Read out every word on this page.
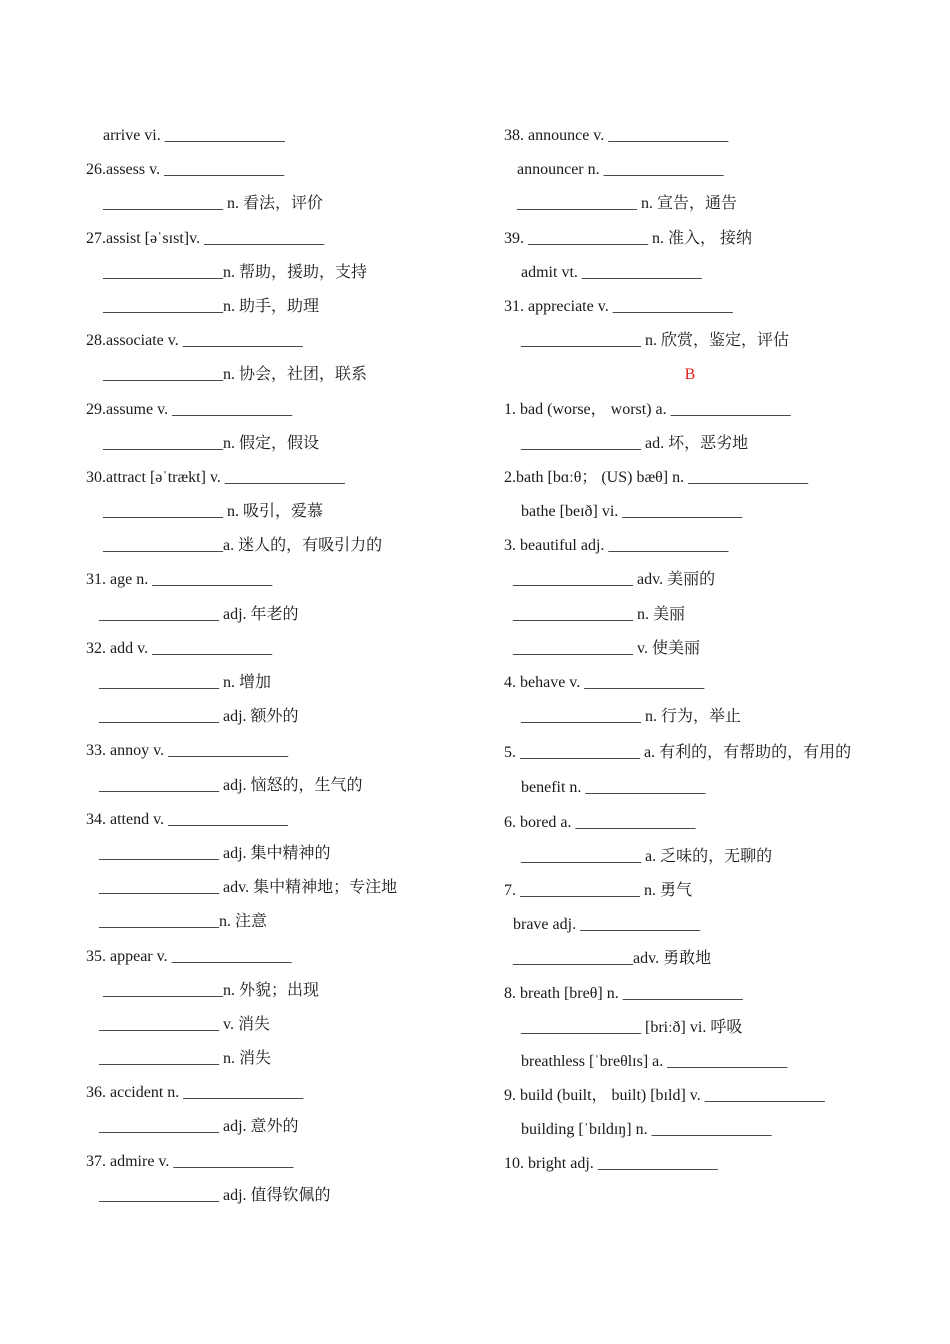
arrive vi. _______________
26.assess v. _______________
_______________ n. 看法，评价
27.assist [əˈsɪst]v. _______________
_______________n. 帮助，援助，支持
_______________n. 助手，助理
28.associate v. _______________
_______________n. 协会，社团，联系
29.assume v. _______________
_______________n. 假定，假设
30.attract [əˈtrækt] v. _______________
_______________ n. 吸引，爱慕
_______________a. 迷人的，有吸引力的
31. age n. _______________
_______________ adj. 年老的
32. add v. _______________
_______________ n. 增加
_______________ adj. 额外的
33. annoy v. _______________
_______________ adj. 恼怒的，生气的
34. attend v. _______________
_______________ adj. 集中精神的
_______________ adv. 集中精神地；专注地
_______________n. 注意
35. appear v. _______________
_______________n. 外貌；出现
_______________ v. 消失
_______________ n. 消失
36. accident n. _______________
_______________ adj. 意外的
37. admire v. _______________
_______________ adj. 值得钦佩的
38. announce v. _______________
announcer n. _______________
_______________ n. 宣告，通告
39. _______________ n. 准入， 接纳
admit vt. _______________
31. appreciate v. _______________
_______________ n. 欣赏，鉴定，评估
B
1. bad (worse， worst) a. _______________
_______________ ad. 坏，恶劣地
2.bath [bɑːθ； (US) bæθ] n. _______________
bathe [beɪð] vi. _______________
3. beautiful adj. _______________
_______________ adv. 美丽的
_______________ n. 美丽
_______________ v. 使美丽
4. behave v. _______________
_______________ n. 行为，举止
5. _______________ a. 有利的，有帮助的，有用的
benefit n. _______________
6. bored a. _______________
_______________ a. 乏味的，无聊的
7. _______________ n. 勇气
brave adj. _______________
_______________adv. 勇敢地
8. breath [breθ] n. _______________
_______________ [briːð] vi. 呼吸
breathless [ˈbreθlɪs] a. _______________
9. build (built， built) [bɪld] v. _______________
building [ˈbɪldɪŋ] n. _______________
10. bright adj. _______________
